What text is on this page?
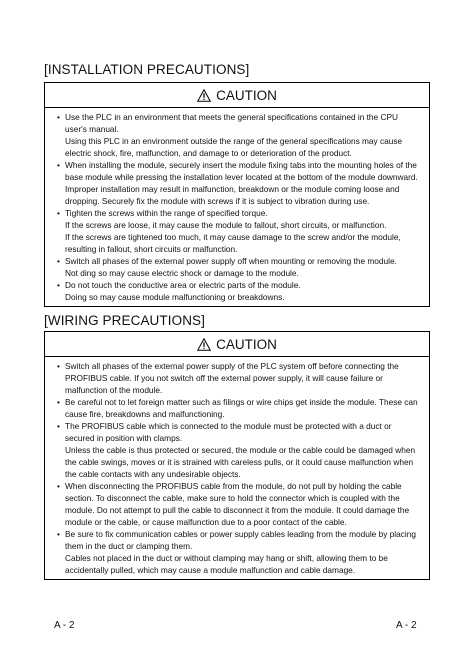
[INSTALLATION PRECAUTIONS]
CAUTION
• Use the PLC in an environment that meets the general specifications contained in the CPU
user's manual.
Using this PLC in an environment outside the range of the general specifications may cause
electric shock, fire, malfunction, and damage to or deterioration of the product.
• When installing the module, securely insert the module fixing tabs into the mounting holes of the
base module while pressing the installation lever located at the bottom of the module downward.
Improper installation may result in malfunction, breakdown or the module coming loose and
dropping. Securely fix the module with screws if it is subject to vibration during use.
• Tighten the screws within the range of specified torque.
If the screws are loose, it may cause the module to fallout, short circuits, or malfunction.
If the screws are tightened too much, it may cause damage to the screw and/or the module,
resulting in fallout, short circuits or malfunction.
• Switch all phases of the external power supply off when mounting or removing the module.
Not ding so may cause electric shock or damage to the module.
• Do not touch the conductive area or electric parts of the module.
Doing so may cause module malfunctioning or breakdowns.
[WIRING PRECAUTIONS]
CAUTION
• Switch all phases of the external power supply of the PLC system off before connecting the
PROFIBUS cable. If you not switch off the external power supply, it will cause failure or
malfunction of the module.
• Be careful not to let foreign matter such as filings or wire chips get inside the module. These can
cause fire, breakdowns and malfunctioning.
• The PROFIBUS cable which is connected to the module must be protected with a duct or
secured in position with clamps.
Unless the cable is thus protected or secured, the module or the cable could be damaged when
the cable swings, moves or it is strained with careless pulls, or it could cause malfunction when
the cable contacts with any undesirable objects.
• When disconnecting the PROFIBUS cable from the module, do not pull by holding the cable
section. To disconnect the cable, make sure to hold the connector which is coupled with the
module. Do not attempt to pull the cable to disconnect it from the module. It could damage the
module or the cable, or cause malfunction due to a poor contact of the cable.
• Be sure to fix communication cables or power supply cables leading from the module by placing
them in the duct or clamping them.
Cables not placed in the duct or without clamping may hang or shift, allowing them to be
accidentally pulled, which may cause a module malfunction and cable damage.
A - 2	A - 2
